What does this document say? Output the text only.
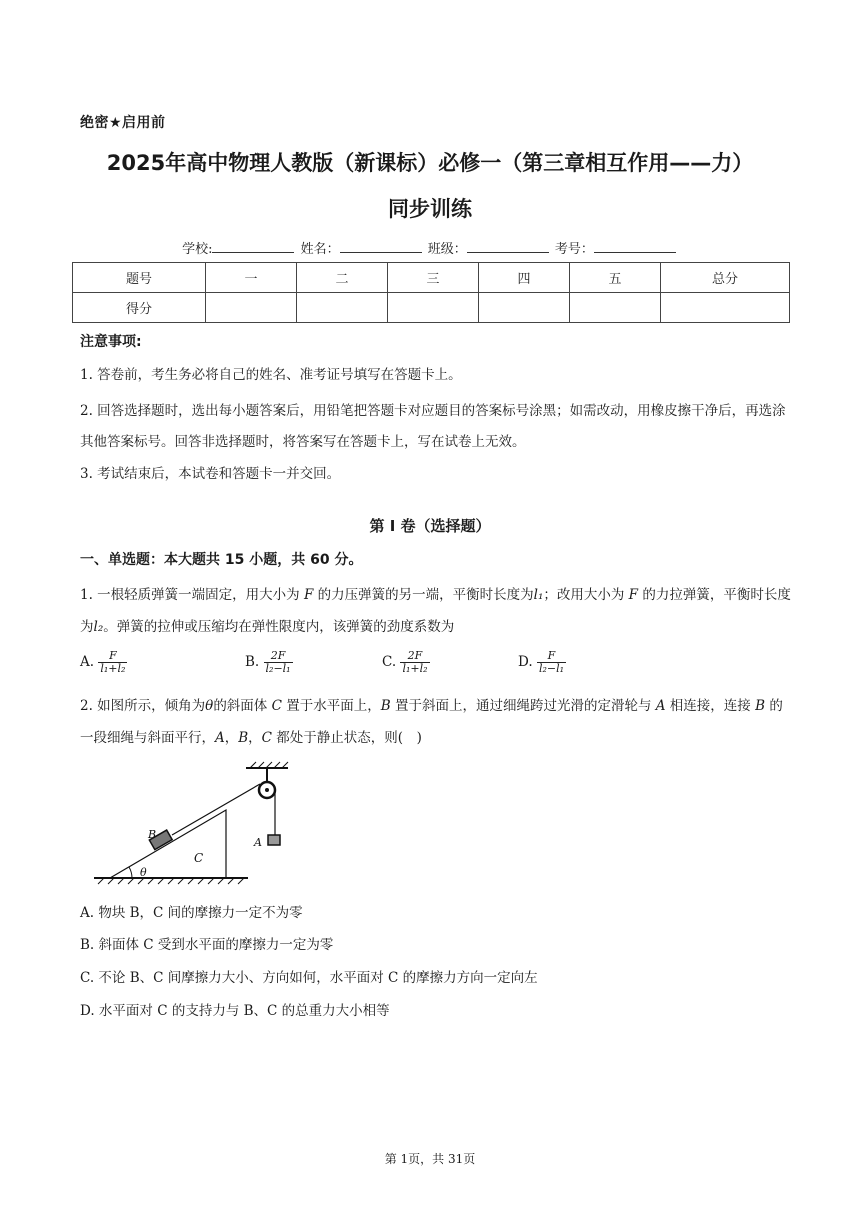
绝密★启用前
2025年高中物理人教版（新课标）必修一（第三章相互作用——力）
同步训练
学校:	姓名：	班级：	考号：
题号	一	二	三	四	五	总分
得分						
注意事项:
1. 答卷前，考生务必将自己的姓名、准考证号填写在答题卡上。
2. 回答选择题时，选出每小题答案后，用铅笔把答题卡对应题目的答案标号涂黑；如需改动，用橡皮擦干净后，再选涂其他答案标号。回答非选择题时，将答案写在答题卡上，写在试卷上无效。
3. 考试结束后，本试卷和答题卡一并交回。
第 I 卷（选择题）
一、单选题：本大题共 15 小题，共 60 分。
1. 一根轻质弹簧一端固定，用大小为 F 的力压弹簧的另一端，平衡时长度为l₁；改用大小为 F 的力拉弹簧，平衡时长度为l₂。弹簧的拉伸或压缩均在弹性限度内，该弹簧的劲度系数为
A. $\frac{F}{\text{l₁+l₂}}$	B. $\frac{2F}{\text{l₂−l₁}}$	C. $\frac{2F}{\text{l₁+l₂}}$	D. $\frac{F}{\text{l₂−l₁}}$
2. 如图所示，倾角为θ的斜面体 C 置于水平面上，B 置于斜面上，通过细绳跨过光滑的定滑轮与 A 相连接，连接 B 的一段细绳与斜面平行，A，B，C 都处于静止状态，则(　)
A
B
C
θ
A. 物块 B，C 间的摩擦力一定不为零
B. 斜面体 C 受到水平面的摩擦力一定为零
C. 不论 B、C 间摩擦力大小、方向如何，水平面对 C 的摩擦力方向一定向左
D. 水平面对 C 的支持力与 B、C 的总重力大小相等
第 1页，共 31页
